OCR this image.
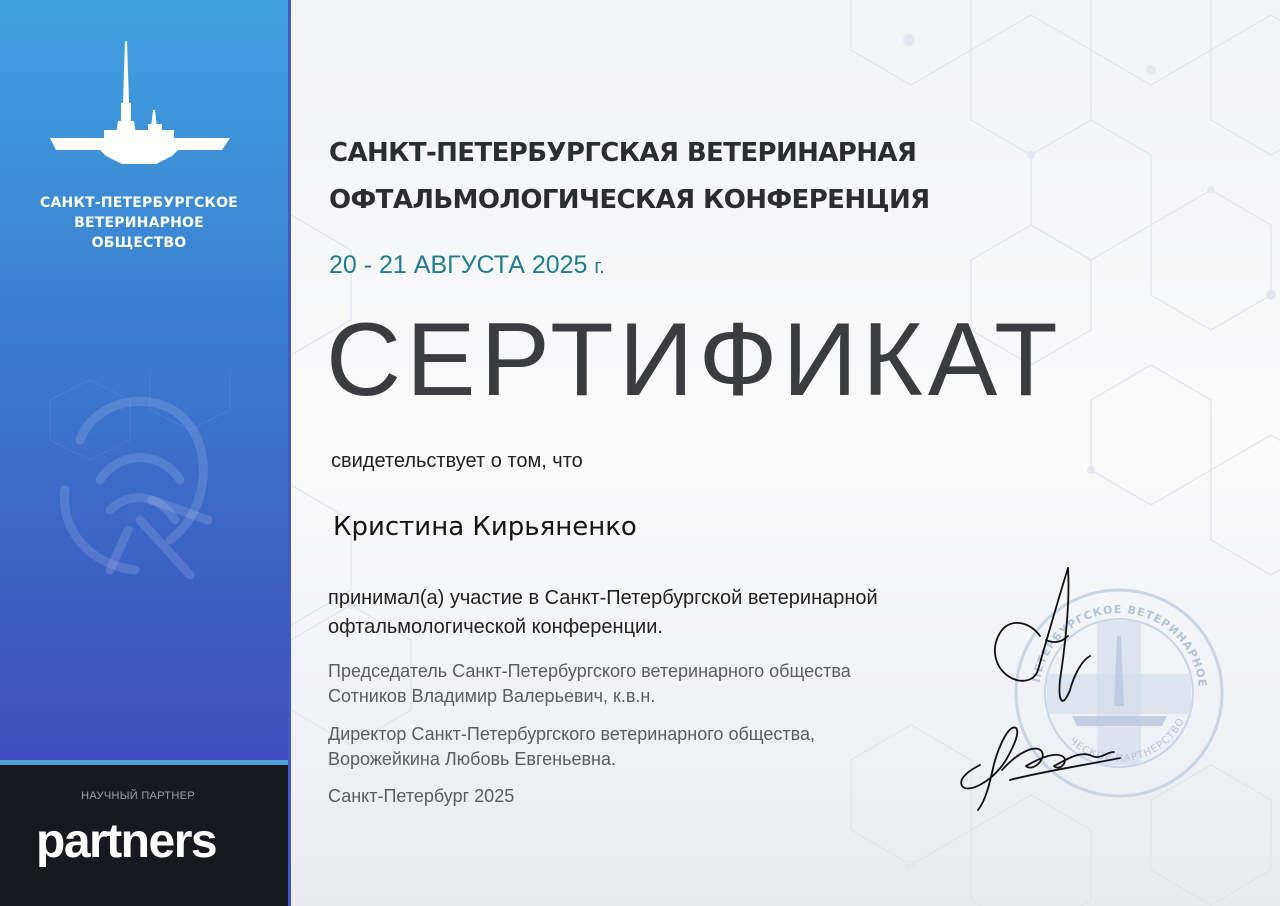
САНКТ-ПЕТЕРБУРГСКОЕ
ВЕТЕРИНАРНОЕ
ОБЩЕСТВО
НАУЧНЫЙ ПАРТНЕР
partners
САНКТ-ПЕТЕРБУРГСКАЯ ВЕТЕРИНАРНАЯ
ОФТАЛЬМОЛОГИЧЕСКАЯ КОНФЕРЕНЦИЯ
20 - 21 АВГУСТА 2025 г.
СЕРТИФИКАТ
свидетельствует о том, что
Кристина Кирьяненко
принимал(а) участие в Санкт-Петербургской ветеринарной
офтальмологической конференции.
Председатель Санкт-Петербургского ветеринарного общества
Сотников Владимир Валерьевич, к.в.н.
Директор Санкт-Петербургского ветеринарного общества,
Ворожейкина Любовь Евгеньевна.
Санкт-Петербург 2025
ПЕТЕРБУРГСКОЕ ВЕТЕРИНАРНОЕ
ЧЕСКОЕ ПАРТНЕРСТВО
